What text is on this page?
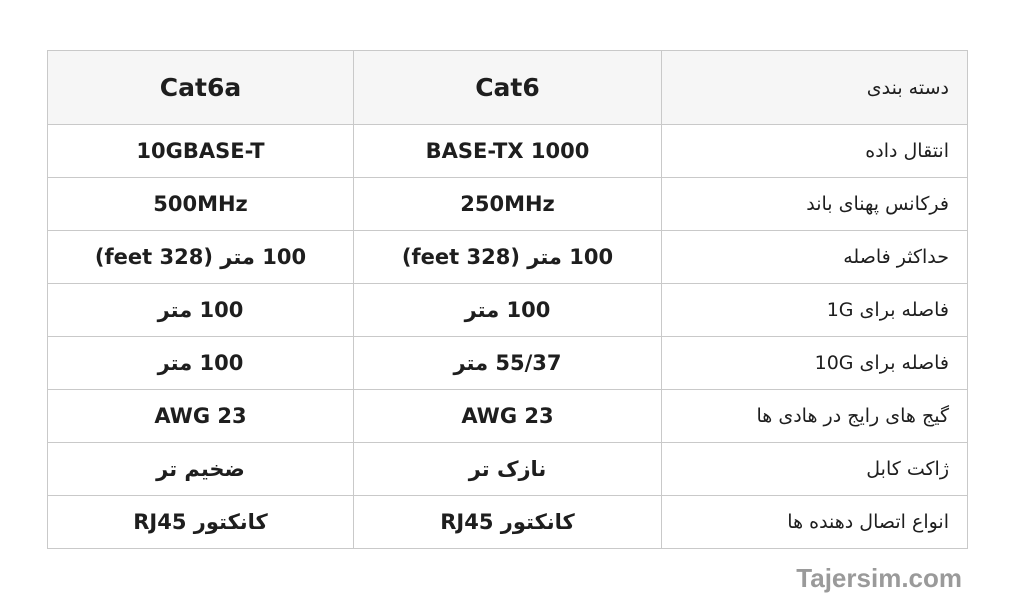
Cat6a	Cat6	دسته بندی
10GBASE-T	BASE-TX 1000	انتقال داده
500MHz	250MHz	فرکانس پهنای باند
100 متر (328 feet)	100 متر (328 feet)	حداکثر فاصله
100 متر	100 متر	فاصله برای 1G
100 متر	55/37 متر	فاصله برای 10G
AWG 23	AWG 23	گیج های رایج در هادی ها
ضخیم تر	نازک تر	ژاکت کابل
کانکتور RJ45	کانکتور RJ45	انواع اتصال دهنده ها
Tajersim.com
